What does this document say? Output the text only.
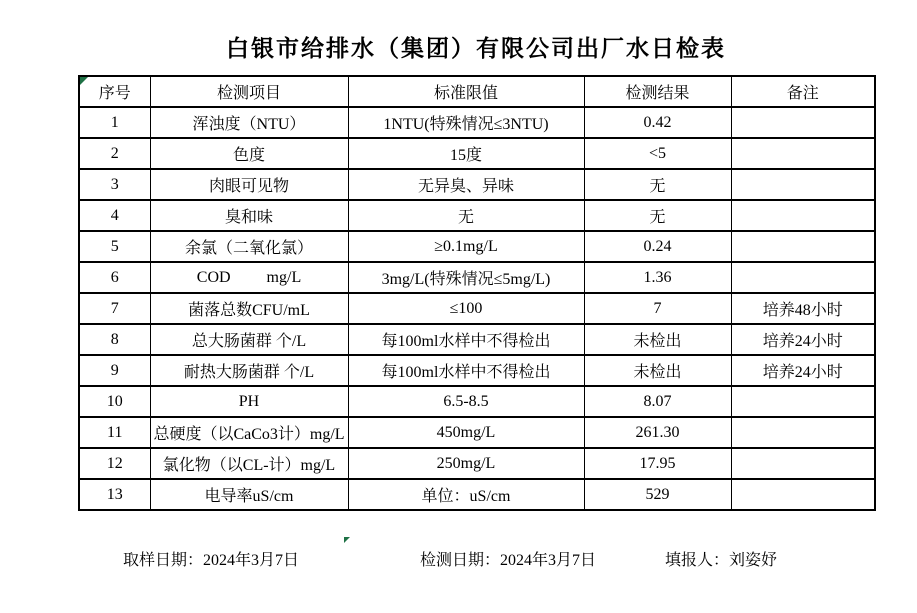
白银市给排水（集团）有限公司出厂水日检表
序号	检测项目	标准限值	检测结果	备注
1	浑浊度（NTU）	1NTU(特殊情况≤3NTU)	0.42	
2	色度	15度	<5	
3	肉眼可见物	无异臭、异味	无	
4	臭和味	无	无	
5	余氯（二氧化氯）	≥0.1mg/L	0.24	
6	COD         mg/L	3mg/L(特殊情况≤5mg/L)	1.36	
7	菌落总数CFU/mL	≤100	7	培养48小时
8	总大肠菌群 个/L	每100ml水样中不得检出	未检出	培养24小时
9	耐热大肠菌群 个/L	每100ml水样中不得检出	未检出	培养24小时
10	PH	6.5-8.5	8.07	
11	总硬度（以CaCo3计）mg/L	450mg/L	261.30	
12	氯化物（以CL-计）mg/L	250mg/L	17.95	
13	电导率uS/cm	单位：uS/cm	529	
取样日期：2024年3月7日	检测日期：2024年3月7日	填报人：刘姿妤
